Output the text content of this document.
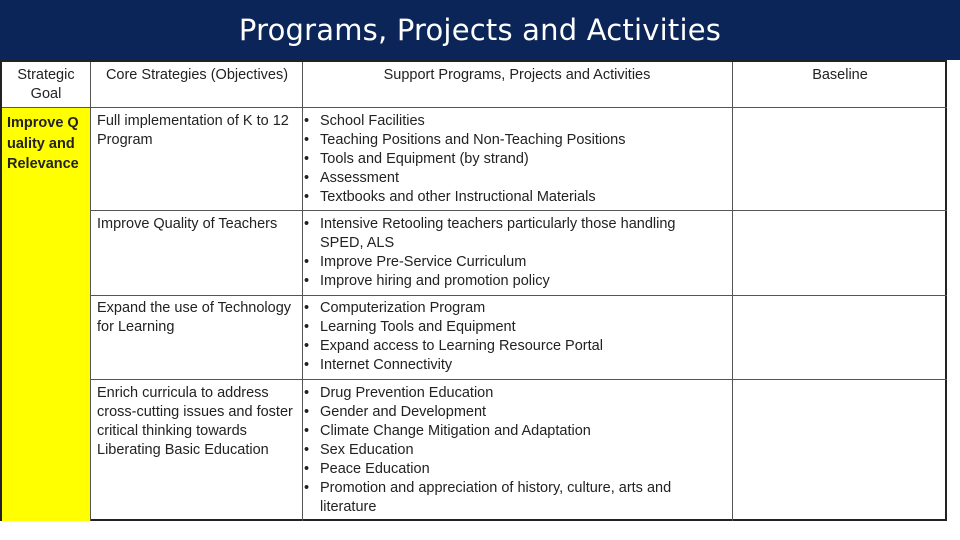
Programs, Projects and Activities
Strategic Goal
Core Strategies (Objectives)	Support Programs, Projects and Activities	Baseline
Improve Quality and Relevance
Full implementation of K to 12 Program
• School Facilities
• Teaching Positions and Non-Teaching Positions
• Tools and Equipment (by strand)
• Assessment
• Textbooks and other Instructional Materials
Improve Quality of Teachers
•	Intensive Retooling teachers particularly those handling SPED, ALS
• Improve Pre-Service Curriculum
• Improve hiring and promotion policy
Expand the use of Technology for Learning
• Computerization Program
• Learning Tools and Equipment
• Expand access to Learning Resource Portal
• Internet Connectivity
Enrich curricula to address cross-cutting issues and foster critical thinking towards Liberating Basic Education
• Drug Prevention Education
• Gender and Development
• Climate Change Mitigation and Adaptation
• Sex Education
• Peace Education
• Promotion and appreciation of history, culture, arts and literature
